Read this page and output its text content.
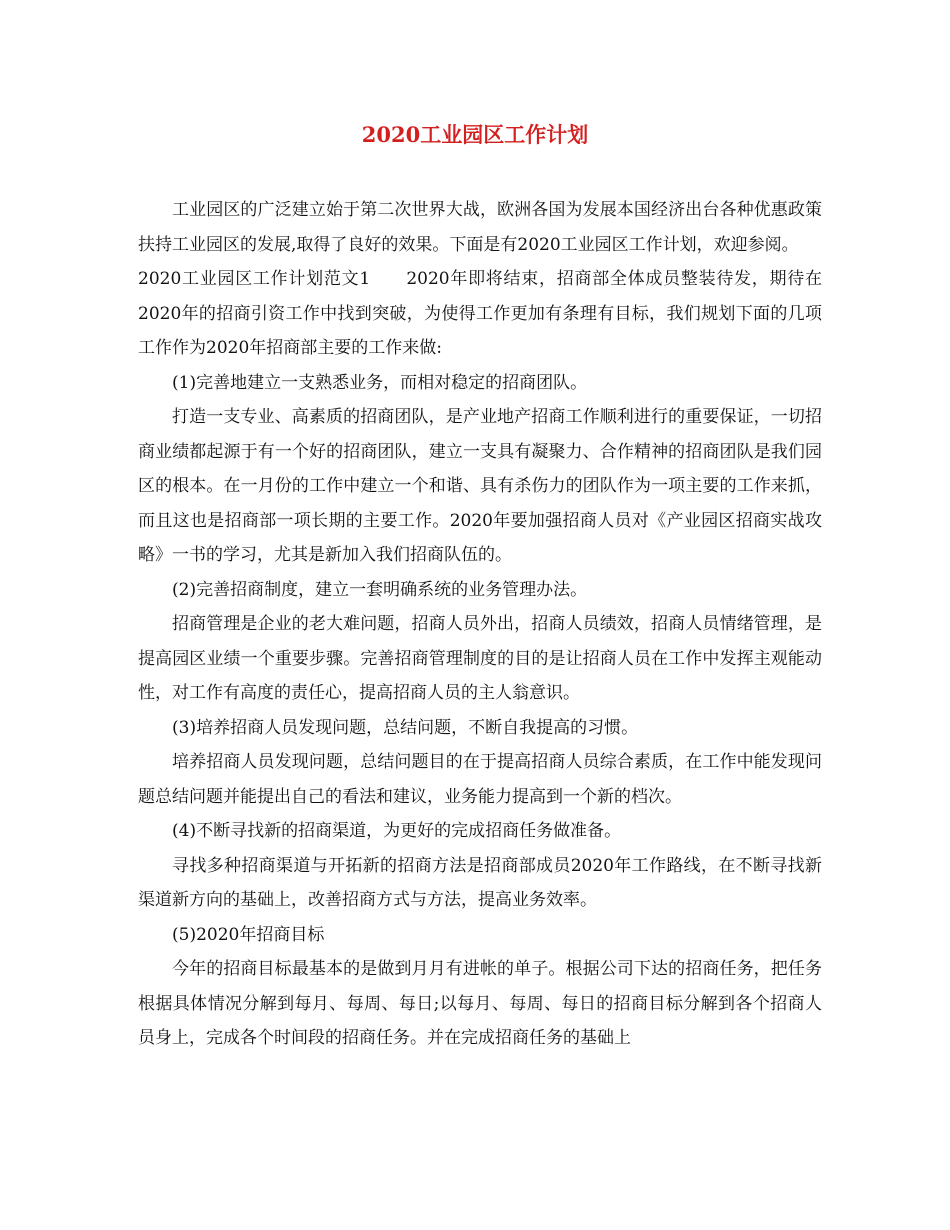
2020工业园区工作计划

工业园区的广泛建立始于第二次世界大战，欧洲各国为发展本国经济出台各种优惠政策扶持工业园区的发展,取得了良好的效果。下面是有2020工业园区工作计划，欢迎参阅。

2020工业园区工作计划范文1　　2020年即将结束，招商部全体成员整装待发，期待在2020年的招商引资工作中找到突破，为使得工作更加有条理有目标，我们规划下面的几项工作作为2020年招商部主要的工作来做:

(1)完善地建立一支熟悉业务，而相对稳定的招商团队。

打造一支专业、高素质的招商团队，是产业地产招商工作顺利进行的重要保证，一切招商业绩都起源于有一个好的招商团队，建立一支具有凝聚力、合作精神的招商团队是我们园区的根本。在一月份的工作中建立一个和谐、具有杀伤力的团队作为一项主要的工作来抓，而且这也是招商部一项长期的主要工作。2020年要加强招商人员对《产业园区招商实战攻略》一书的学习，尤其是新加入我们招商队伍的。

(2)完善招商制度，建立一套明确系统的业务管理办法。

招商管理是企业的老大难问题，招商人员外出，招商人员绩效，招商人员情绪管理，是提高园区业绩一个重要步骤。完善招商管理制度的目的是让招商人员在工作中发挥主观能动性，对工作有高度的责任心，提高招商人员的主人翁意识。

(3)培养招商人员发现问题，总结问题，不断自我提高的习惯。

培养招商人员发现问题，总结问题目的在于提高招商人员综合素质，在工作中能发现问题总结问题并能提出自己的看法和建议，业务能力提高到一个新的档次。

(4)不断寻找新的招商渠道，为更好的完成招商任务做准备。

寻找多种招商渠道与开拓新的招商方法是招商部成员2020年工作路线，在不断寻找新渠道新方向的基础上，改善招商方式与方法，提高业务效率。

(5)2020年招商目标

今年的招商目标最基本的是做到月月有进帐的单子。根据公司下达的招商任务，把任务根据具体情况分解到每月、每周、每日;以每月、每周、每日的招商目标分解到各个招商人员身上，完成各个时间段的招商任务。并在完成招商任务的基础上
